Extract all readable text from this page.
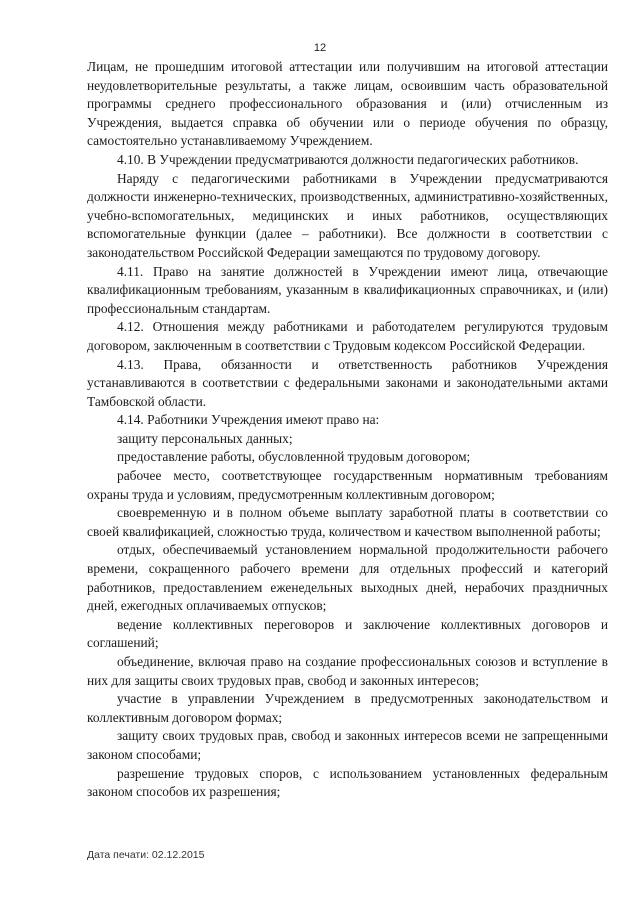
12

Лицам, не прошедшим итоговой аттестации или получившим на итоговой аттестации неудовлетворительные результаты, а также лицам, освоившим часть образовательной программы среднего профессионального образования и (или) отчисленным из Учреждения, выдается справка об обучении или о периоде обучения по образцу, самостоятельно устанавливаемому Учреждением.

4.10. В Учреждении предусматриваются должности педагогических работников.

Наряду с педагогическими работниками в Учреждении предусматриваются должности инженерно-технических, производственных, административно-хозяйственных, учебно-вспомогательных, медицинских и иных работников, осуществляющих вспомогательные функции (далее – работники). Все должности в соответствии с законодательством Российской Федерации замещаются по трудовому договору.

4.11. Право на занятие должностей в Учреждении имеют лица, отвечающие квалификационным требованиям, указанным в квалификационных справочниках, и (или) профессиональным стандартам.

4.12. Отношения между работниками и работодателем регулируются трудовым договором, заключенным в соответствии с Трудовым кодексом Российской Федерации.

4.13. Права, обязанности и ответственность работников Учреждения устанавливаются в соответствии с федеральными законами и законодательными актами Тамбовской области.

4.14. Работники Учреждения имеют право на:

защиту персональных данных;

предоставление работы, обусловленной трудовым договором;

рабочее место, соответствующее государственным нормативным требованиям охраны труда и условиям, предусмотренным коллективным договором;

своевременную и в полном объеме выплату заработной платы в соответствии со своей квалификацией, сложностью труда, количеством и качеством выполненной работы;

отдых, обеспечиваемый установлением нормальной продолжительности рабочего времени, сокращенного рабочего времени для отдельных профессий и категорий работников, предоставлением еженедельных выходных дней, нерабочих праздничных дней, ежегодных оплачиваемых отпусков;

ведение коллективных переговоров и заключение коллективных договоров и соглашений;

объединение, включая право на создание профессиональных союзов и вступление в них для защиты своих трудовых прав, свобод и законных интересов;

участие в управлении Учреждением в предусмотренных законодательством и коллективным договором формах;

защиту своих трудовых прав, свобод и законных интересов всеми не запрещенными законом способами;

разрешение трудовых споров, с использованием установленных федеральным законом способов их разрешения;

Дата печати: 02.12.2015
